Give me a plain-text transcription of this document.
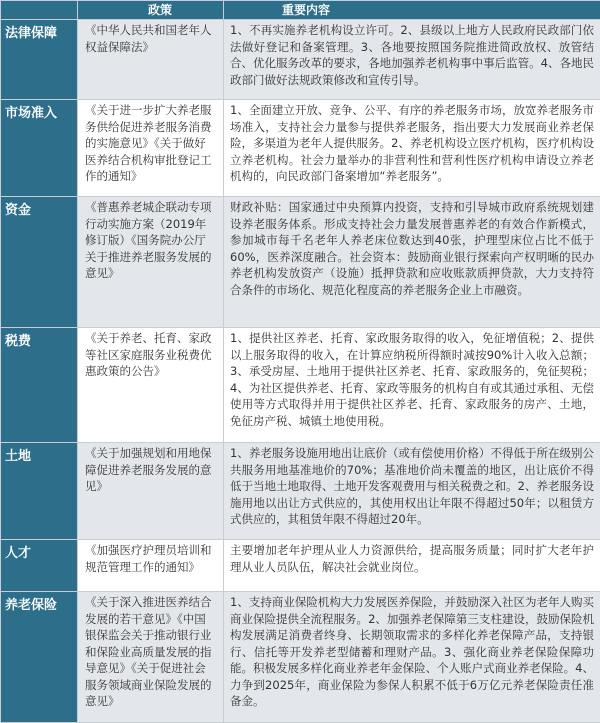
	政策	重要内容
法律保障	《中华人民共和国老年人权益保障法》	1、不再实施养老机构设立许可。2、县级以上地方人民政府民政部门依法做好登记和备案管理。3、各地要按照国务院推进简政放权、放管结合、优化服务改革的要求，各地加强养老机构事中事后监管。4、各地民政部门做好法规政策修改和宣传引导。
市场准入	《关于进一步扩大养老服务供给促进养老服务消费的实施意见》《关于做好医养结合机构审批登记工作的通知》	1、全面建立开放、竞争、公平、有序的养老服务市场，放宽养老服务市场准入，支持社会力量参与提供养老服务，指出要大力发展商业养老保险，多渠道为老年人提供服务。2、养老机构设立医疗机构，医疗机构设立养老机构。社会力量举办的非营利性和营利性医疗机构申请设立养老机构的，向民政部门备案增加“养老服务”。
资金	《普惠养老城企联动专项行动实施方案（2019年修订版）《国务院办公厅关于推进养老服务发展的意见》	财政补贴：国家通过中央预算内投资，支持和引导城市政府系统规划建设养老服务体系。形成支持社会力量发展普惠养老的有效合作新模式，参加城市每千名老年人养老床位数达到40张，护理型床位占比不低于60%，医养深度融合。社会资本：鼓励商业银行探索向产权明晰的民办养老机构发放资产（设施）抵押贷款和应收账款质押贷款，大力支持符合条件的市场化、规范化程度高的养老服务企业上市融资。
税费	《关于养老、托育、家政等社区家庭服务业税费优惠政策的公告》	1、提供社区养老、托育、家政服务取得的收入，免征增值税；2、提供以上服务取得的收入，在计算应纳税所得额时减按90%计入收入总额；3、承受房屋、土地用于提供社区养老、托育、家政服务的，免征契税；4、为社区提供养老、托育、家政等服务的机构自有或其通过承租、无偿使用等方式取得并用于提供社区养老、托育、家政服务的房产、土地，免征房产税、城镇土地使用税。
土地	《关于加强规划和用地保障促进养老服务发展的意见》	1、养老服务设施用地出让底价（或有偿使用价格）不得低于所在级别公共服务用地基准地价的70%；基准地价尚未覆盖的地区，出让底价不得低于当地土地取得、土地开发客观费用与相关税费之和。2、养老服务设施用地以出让方式供应的，其使用权出让年限不得超过50年；以租赁方式供应的，其租赁年限不得超过20年。
人才	《加强医疗护理员培训和规范管理工作的通知》	主要增加老年护理从业人力资源供给，提高服务质量；同时扩大老年护理从业人员队伍，解决社会就业岗位。
养老保险	《关于深入推进医养结合发展的若干意见》《中国银保监会关于推动银行业和保险业高质量发展的指导意见》《关于促进社会服务领域商业保险发展的意见》	1、支持商业保险机构大力发展医养保险，并鼓励深入社区为老年人购买商业保险提供全流程服务。2、加强养老保障第三支柱建设，鼓励保险机构发展满足消费者终身、长期领取需求的多样化养老保障产品，支持银行、信托等开发养老型储蓄和理财产品。3、强化商业养老保险保障功能。积极发展多样化商业养老年金保险、个人账户式商业养老保险。4、力争到2025年，商业保险为参保人积累不低于6万亿元养老保险责任准备金。
